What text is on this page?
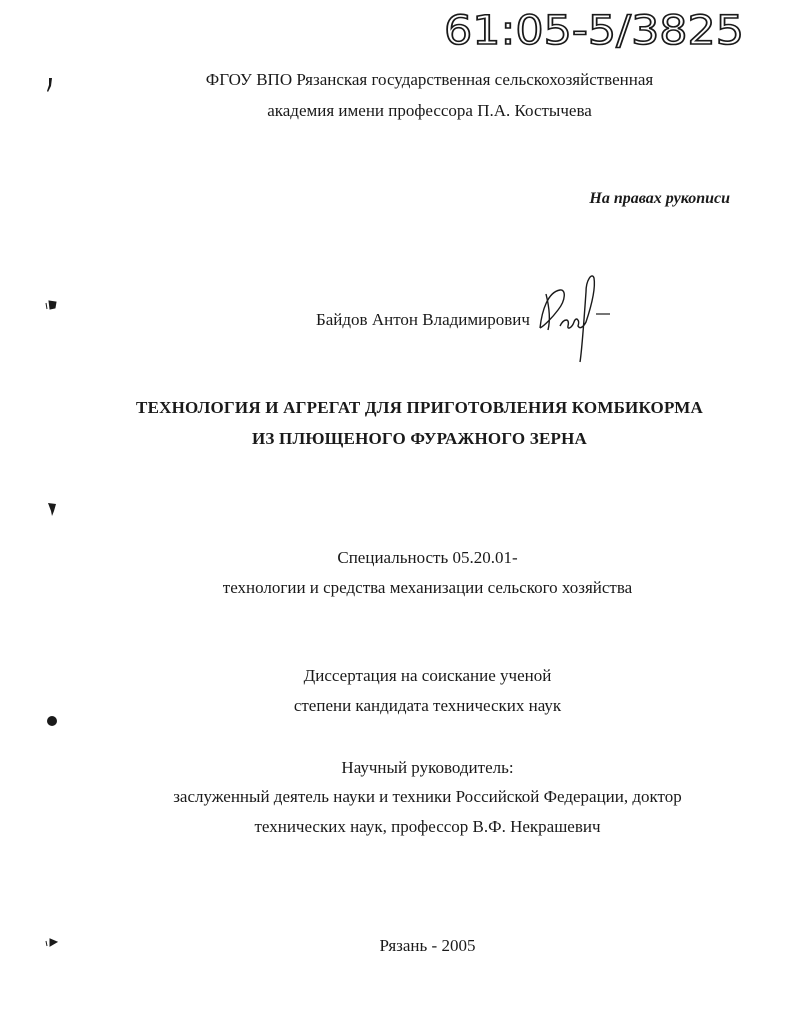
61:05-5/3825
ФГОУ ВПО Рязанская государственная сельскохозяйственная
академия имени профессора П.А. Костычева
На правах рукописи
Байдов Антон Владимирович
ТЕХНОЛОГИЯ И АГРЕГАТ ДЛЯ ПРИГОТОВЛЕНИЯ КОМБИКОРМА
ИЗ ПЛЮЩЕНОГО ФУРАЖНОГО ЗЕРНА
Специальность 05.20.01-
технологии и средства механизации сельского хозяйства
Диссертация на соискание ученой
степени кандидата технических наук
Научный руководитель:
заслуженный деятель науки и техники Российской Федерации, доктор
технических наук, профессор В.Ф. Некрашевич
Рязань - 2005
